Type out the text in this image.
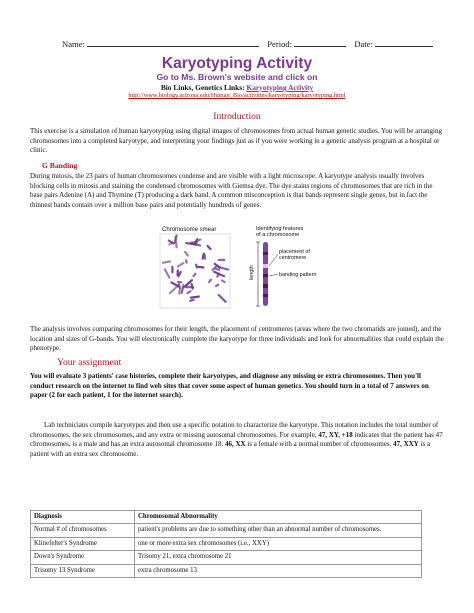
Name:	Period:	Date:
Karyotyping Activity
Go to Ms. Brown's website and click on
Bio Links, Genetics Links: Karyotyping Activity
http://www.biology.arizona.edu/Human_Bio/activities/karyotyping/karyotyping.html
Introduction
This exercise is a simulation of human karyotyping using digital images of chromosomes from actual human genetic studies. You will be arranging chromosomes into a completed karyotype, and interpreting your findings just as if you were working in a genetic analysis program at a hospital or clinic.
G Banding
During mitosis, the 23 pairs of human chromosomes condense and are visible with a light microscope. A karyotype analysis usually involves blocking cells in mitosis and staining the condensed chromosomes with Giemsa dye. The dye stains regions of chromosomes that are rich in the base pairs Adenine (A) and Thymine (T) producing a dark band. A common misconception is that bands represent single genes, but in fact the thinnest bands contain over a million base pairs and potentially hundreds of genes.
Chromosome smear	Identifying features
of a chromosome
length
placement of
centromere
banding pattern
The analysis involves comparing chromosomes for their length, the placement of centromeres (areas where the two chromatids are joined), and the location and sizes of G-bands. You will electronically complete the karyotype for three individuals and look for abnormalities that could explain the phenotype.
Your assignment
You will evaluate 3 patients' case histories, complete their karyotypes, and diagnose any missing or extra chromosomes. Then you'll conduct research on the internet to find web sites that cover some aspect of human genetics. You should turn in a total of 7 answers on paper (2 for each patient, 1 for the internet search).
Lab technicians compile karyotypes and then use a specific notation to characterize the karyotype. This notation includes the total number of chromosomes, the sex chromosomes, and any extra or missing autosomal chromosomes. For example, 47, XY, +18 indicates that the patient has 47 chromosomes, is a male and has an extra autosomal chromosome 18. 46, XX is a female with a normal number of chromosomes. 47, XXY is a patient with an extra sex chromosome.
Diagnosis	Chromosomal Abnormality
Normal # of chromosomes	patient's problems are due to something other than an abnormal number of chromosomes.
Klinefelter's Syndrome	one or more extra sex chromosomes (i.e., XXY)
Down's Syndrome	Trisomy 21, extra chromosome 21
Trisomy 13 Syndrome	extra chromosome 13
